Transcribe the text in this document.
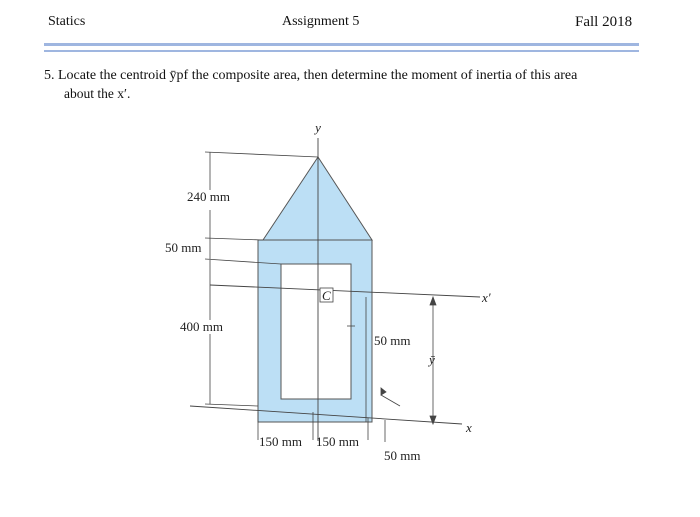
Statics	Assignment 5	Fall 2018
5. Locate the centroid ȳpf the composite area, then determine the moment of inertia of this area
about the x′.
y
x′
x
C
ȳ
240 mm
50 mm
400 mm
50 mm
150 mm 150 mm
50 mm
